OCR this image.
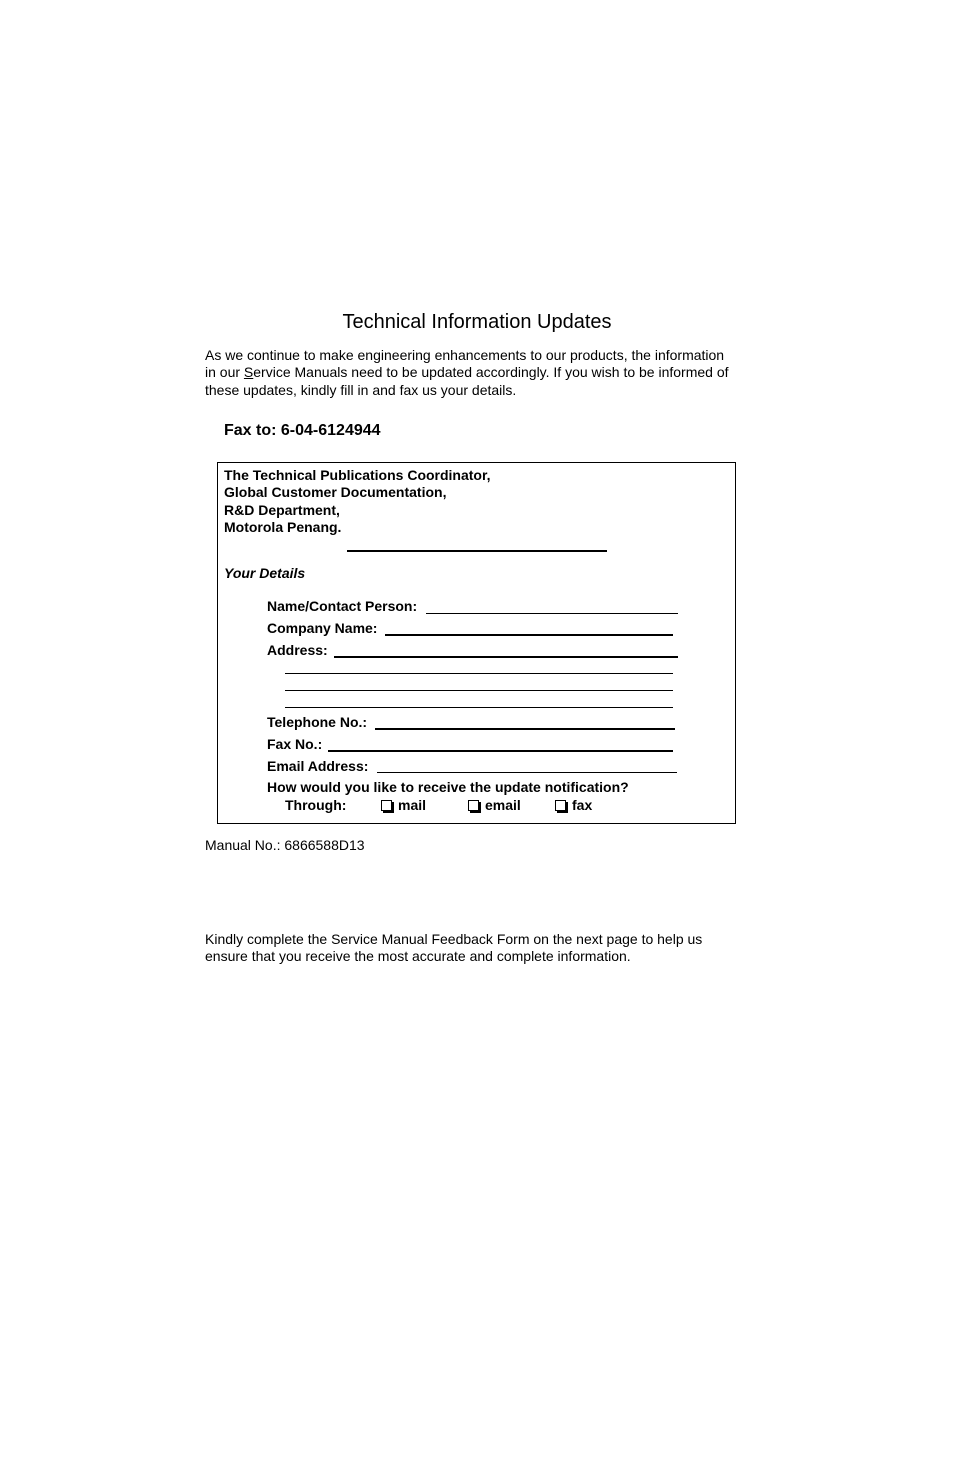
Technical Information Updates

As we continue to make engineering enhancements to our products, the information

in our Service Manuals need to be updated accordingly. If you wish to be informed of

these updates, kindly fill in and fax us your details.

Fax to: 6-04-6124944
The Technical Publications Coordinator,
Global Customer Documentation,
R&D Department,
Motorola Penang.
Your Details
Name/Contact Person:
Company Name:
Address:
Telephone No.:
Fax No.:
Email Address:
How would you like to receive the update notification?
Through:	mail	email	fax
Manual No.: 6866588D13

Kindly complete the Service Manual Feedback Form on the next page to help us

ensure that you receive the most accurate and complete information.
